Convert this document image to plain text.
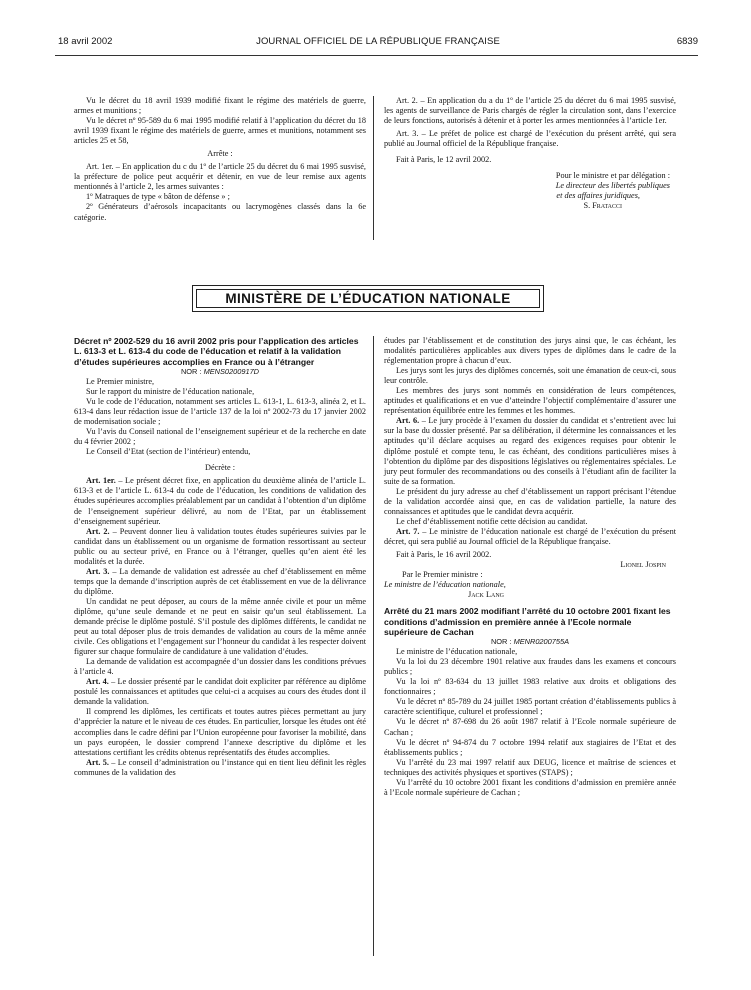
18 avril 2002	JOURNAL OFFICIEL DE LA RÉPUBLIQUE FRANÇAISE	6839

Vu le décret du 18 avril 1939 modifié fixant le régime des matériels de guerre, armes et munitions ;

Vu le décret nº 95-589 du 6 mai 1995 modifié relatif à l’application du décret du 18 avril 1939 fixant le régime des matériels de guerre, armes et munitions, notamment ses articles 25 et 58,

Arrête :

Art. 1er. – En application du c du 1º de l’article 25 du décret du 6 mai 1995 susvisé, la préfecture de police peut acquérir et détenir, en vue de leur remise aux agents mentionnés à l’article 2, les armes suivantes :

1º Matraques de type « bâton de défense » ;

2º Générateurs d’aérosols incapacitants ou lacrymogènes classés dans la 6e catégorie.

Art. 2. – En application du a du 1º de l’article 25 du décret du 6 mai 1995 susvisé, les agents de surveillance de Paris chargés de régler la circulation sont, dans l’exercice de leurs fonctions, autorisés à détenir et à porter les armes mentionnées à l’article 1er.

Art. 3. – Le préfet de police est chargé de l’exécution du présent arrêté, qui sera publié au Journal officiel de la République française.

Fait à Paris, le 12 avril 2002.

Pour le ministre et par délégation :

Le directeur des libertés publiques

et des affaires juridiques,

S. Fratacci

MINISTÈRE DE L’ÉDUCATION NATIONALE

Décret nº 2002-529 du 16 avril 2002 pris pour l’application des articles L. 613-3 et L. 613-4 du code de l’éducation et relatif à la validation d’études supérieures accomplies en France ou à l’étranger

NOR : MENS0200917D

Le Premier ministre,

Sur le rapport du ministre de l’éducation nationale,

Vu le code de l’éducation, notamment ses articles L. 613-1, L. 613-3, alinéa 2, et L. 613-4 dans leur rédaction issue de l’article 137 de la loi nº 2002-73 du 17 janvier 2002 de modernisation sociale ;

Vu l’avis du Conseil national de l’enseignement supérieur et de la recherche en date du 4 février 2002 ;

Le Conseil d’Etat (section de l’intérieur) entendu,

Décrète :

Art. 1er. – Le présent décret fixe, en application du deuxième alinéa de l’article L. 613-3 et de l’article L. 613-4 du code de l’éducation, les conditions de validation des études supérieures accomplies préalablement par un candidat à l’obtention d’un diplôme de l’enseignement supérieur délivré, au nom de l’Etat, par un établissement d’enseignement supérieur.

Art. 2. – Peuvent donner lieu à validation toutes études supérieures suivies par le candidat dans un établissement ou un organisme de formation ressortissant au secteur public ou au secteur privé, en France ou à l’étranger, quelles qu’en aient été les modalités et la durée.

Art. 3. – La demande de validation est adressée au chef d’établissement en même temps que la demande d’inscription auprès de cet établissement en vue de la délivrance du diplôme.

Un candidat ne peut déposer, au cours de la même année civile et pour un même diplôme, qu’une seule demande et ne peut en saisir qu’un seul établissement. La demande précise le diplôme postulé. S’il postule des diplômes différents, le candidat ne peut au total déposer plus de trois demandes de validation au cours de la même année civile. Ces obligations et l’engagement sur l’honneur du candidat à les respecter doivent figurer sur chaque formulaire de candidature à une validation d’études.

La demande de validation est accompagnée d’un dossier dans les conditions prévues à l’article 4.

Art. 4. – Le dossier présenté par le candidat doit expliciter par référence au diplôme postulé les connaissances et aptitudes que celui-ci a acquises au cours des études dont il demande la validation.

Il comprend les diplômes, les certificats et toutes autres pièces permettant au jury d’apprécier la nature et le niveau de ces études. En particulier, lorsque les études ont été accomplies dans le cadre défini par l’Union européenne pour favoriser la mobilité, dans un pays européen, le dossier comprend l’annexe descriptive du diplôme et les attestations certifiant les crédits obtenus représentatifs des études accomplies.

Art. 5. – Le conseil d’administration ou l’instance qui en tient lieu définit les règles communes de la validation des

études par l’établissement et de constitution des jurys ainsi que, le cas échéant, les modalités particulières applicables aux divers types de diplômes dans le cadre de la réglementation propre à chacun d’eux.

Les jurys sont les jurys des diplômes concernés, soit une émanation de ceux-ci, sous leur contrôle.

Les membres des jurys sont nommés en considération de leurs compétences, aptitudes et qualifications et en vue d’atteindre l’objectif complémentaire d’assurer une représentation équilibrée entre les femmes et les hommes.

Art. 6. – Le jury procède à l’examen du dossier du candidat et s’entretient avec lui sur la base du dossier présenté. Par sa délibération, il détermine les connaissances et les aptitudes qu’il déclare acquises au regard des exigences requises pour obtenir le diplôme postulé et compte tenu, le cas échéant, des conditions particulières mises à l’obtention du diplôme par des dispositions législatives ou réglementaires spéciales. Le jury peut formuler des recommandations ou des conseils à l’étudiant afin de faciliter la suite de sa formation.

Le président du jury adresse au chef d’établissement un rapport précisant l’étendue de la validation accordée ainsi que, en cas de validation partielle, la nature des connaissances et aptitudes que le candidat devra acquérir.

Le chef d’établissement notifie cette décision au candidat.

Art. 7. – Le ministre de l’éducation nationale est chargé de l’exécution du présent décret, qui sera publié au Journal officiel de la République française.

Fait à Paris, le 16 avril 2002.

Lionel Jospin

Par le Premier ministre :

Le ministre de l’éducation nationale,

Jack Lang

Arrêté du 21 mars 2002 modifiant l’arrêté du 10 octobre 2001 fixant les conditions d’admission en première année à l’Ecole normale supérieure de Cachan

NOR : MENR0200755A

Le ministre de l’éducation nationale,

Vu la loi du 23 décembre 1901 relative aux fraudes dans les examens et concours publics ;

Vu la loi nº 83-634 du 13 juillet 1983 relative aux droits et obligations des fonctionnaires ;

Vu le décret nº 85-789 du 24 juillet 1985 portant création d’établissements publics à caractère scientifique, culturel et professionnel ;

Vu le décret nº 87-698 du 26 août 1987 relatif à l’Ecole normale supérieure de Cachan ;

Vu le décret nº 94-874 du 7 octobre 1994 relatif aux stagiaires de l’Etat et des établissements publics ;

Vu l’arrêté du 23 mai 1997 relatif aux DEUG, licence et maîtrise de sciences et techniques des activités physiques et sportives (STAPS) ;

Vu l’arrêté du 10 octobre 2001 fixant les conditions d’admission en première année à l’Ecole normale supérieure de Cachan ;
